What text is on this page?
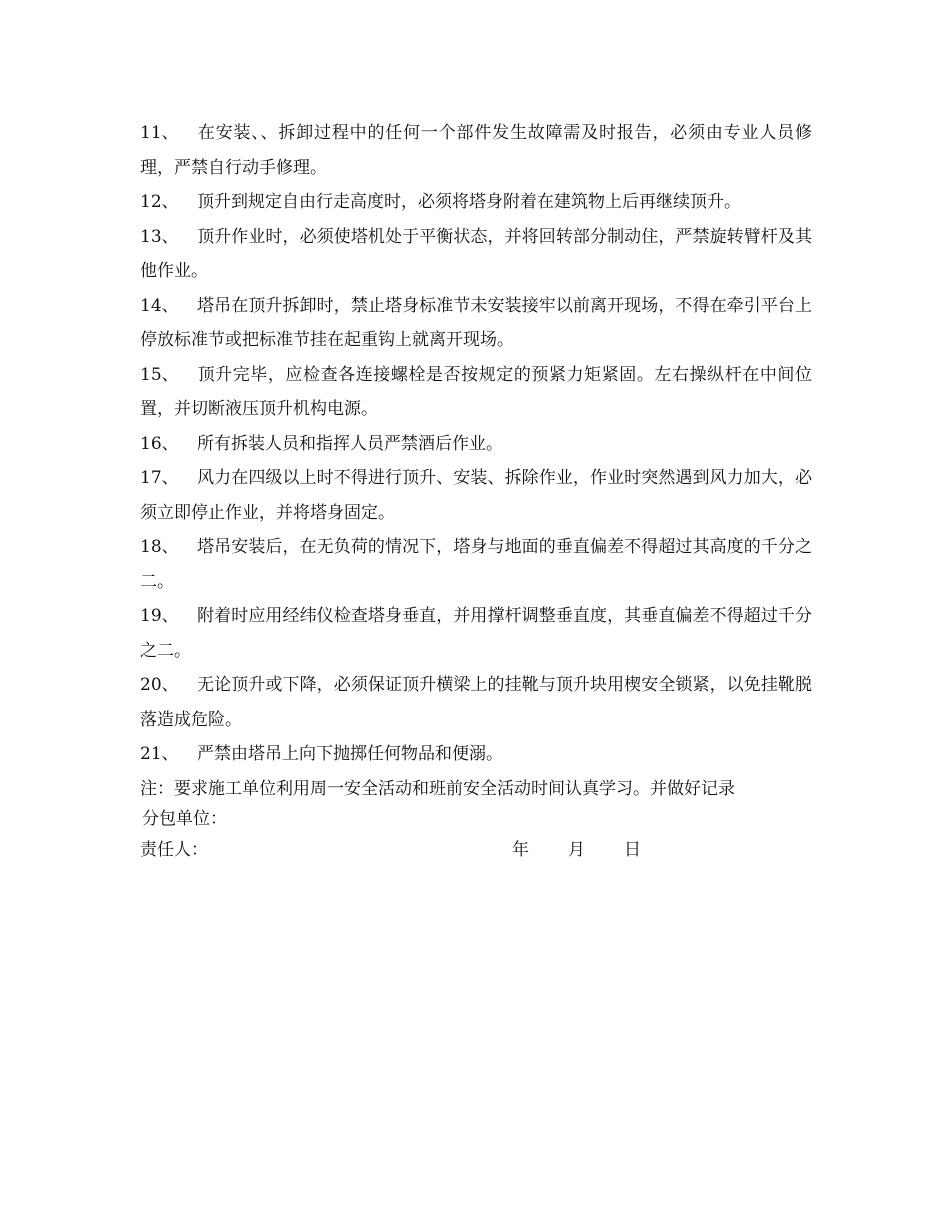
11、 在安装、、拆卸过程中的任何一个部件发生故障需及时报告，必须由专业人员修理，严禁自行动手修理。

12、 顶升到规定自由行走高度时，必须将塔身附着在建筑物上后再继续顶升。

13、 顶升作业时，必须使塔机处于平衡状态，并将回转部分制动住，严禁旋转臂杆及其他作业。

14、 塔吊在顶升拆卸时，禁止塔身标准节未安装接牢以前离开现场，不得在牵引平台上停放标准节或把标准节挂在起重钩上就离开现场。

15、 顶升完毕，应检查各连接螺栓是否按规定的预紧力矩紧固。左右操纵杆在中间位置，并切断液压顶升机构电源。

16、 所有拆装人员和指挥人员严禁酒后作业。

17、 风力在四级以上时不得进行顶升、安装、拆除作业，作业时突然遇到风力加大，必须立即停止作业，并将塔身固定。

18、 塔吊安装后，在无负荷的情况下，塔身与地面的垂直偏差不得超过其高度的千分之二。

19、 附着时应用经纬仪检查塔身垂直，并用撑杆调整垂直度，其垂直偏差不得超过千分之二。

20、 无论顶升或下降，必须保证顶升横梁上的挂靴与顶升块用楔安全锁紧，以免挂靴脱落造成危险。

21、 严禁由塔吊上向下抛掷任何物品和便溺。

注：要求施工单位利用周一安全活动和班前安全活动时间认真学习。并做好记录

分包单位：

责任人：	年 月 日
